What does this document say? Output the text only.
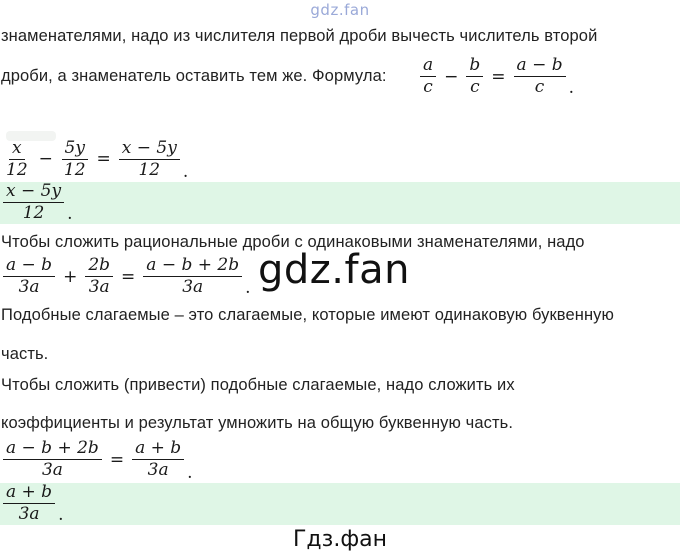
gdz.fan
знаменателями, надо из числителя первой дроби вычесть числитель второй
дроби, а знаменатель оставить тем же. Формула: $\frac{a}{c} - \frac{b}{c} = \frac{a - b}{c}$ .
$\frac{x}{12} - \frac{5y}{12} = \frac{x - 5y}{12}$ .
$\frac{x - 5y}{12}$ .
Чтобы сложить рациональные дроби с одинаковыми знаменателями, надо
$\frac{a - b}{3a} + \frac{2b}{3a} = \frac{a - b + 2b}{3a}$ . gdz.fan
Подобные слагаемые – это слагаемые, которые имеют одинаковую буквенную
часть.
Чтобы сложить (привести) подобные слагаемые, надо сложить их
коэффициенты и результат умножить на общую буквенную часть.
$\frac{a - b + 2b}{3a} = \frac{a + b}{3a}$ .
$\frac{a + b}{3a}$ .
Гдз.фан
